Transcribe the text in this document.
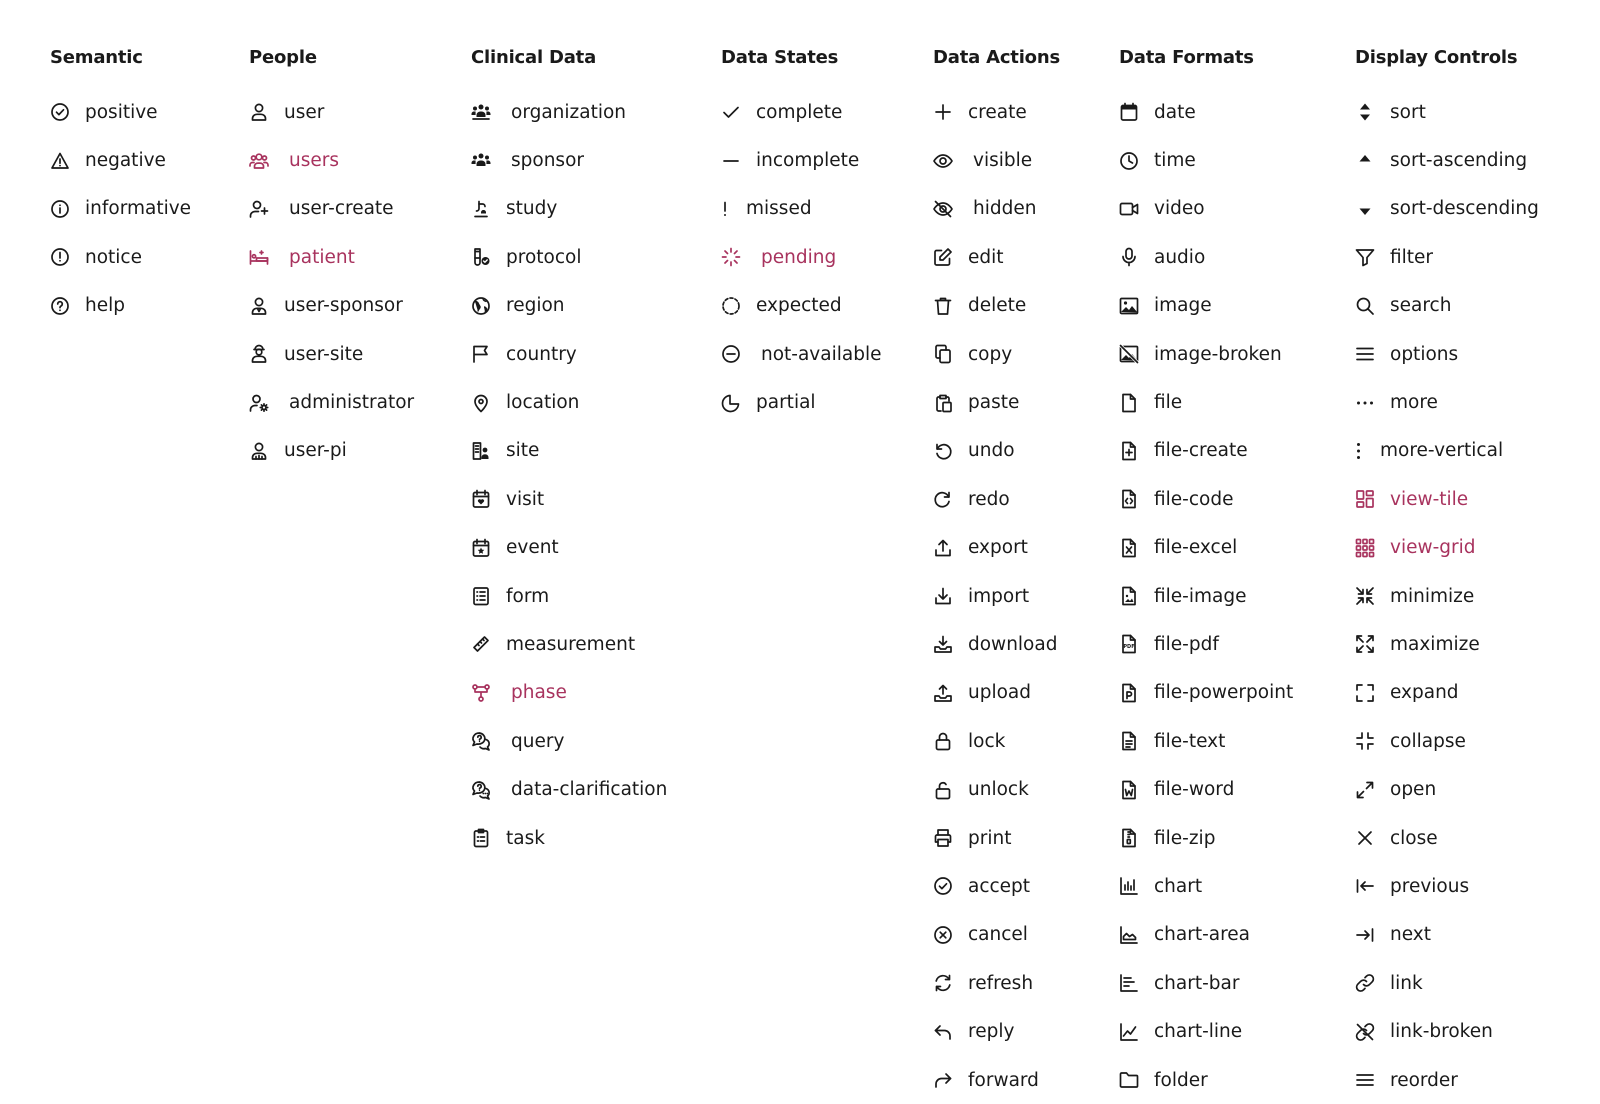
Semantic
positive
negative
informative
notice
help
People
user
users
user-create
patient
user-sponsor
user-site
administrator
user-pi
Clinical Data
organization
sponsor
study
protocol
region
country
location
site
visit
event
form
measurement
phase
query
data-clarification
task
Data States
complete
incomplete
missed
pending
expected
not-available
partial
Data Actions
create
visible
hidden
edit
delete
copy
paste
undo
redo
export
import
download
upload
lock
unlock
print
accept
cancel
refresh
reply
forward
Data Formats
date
time
video
audio
image
image-broken
file
file-create
file-code
file-excel
file-image
PDF file-pdf
file-powerpoint
file-text
file-word
file-zip
chart
chart-area
chart-bar
chart-line
folder
Display Controls
sort
sort-ascending
sort-descending
filter
search
options
more
more-vertical
view-tile
view-grid
minimize
maximize
expand
collapse
open
close
previous
next
link
link-broken
reorder
